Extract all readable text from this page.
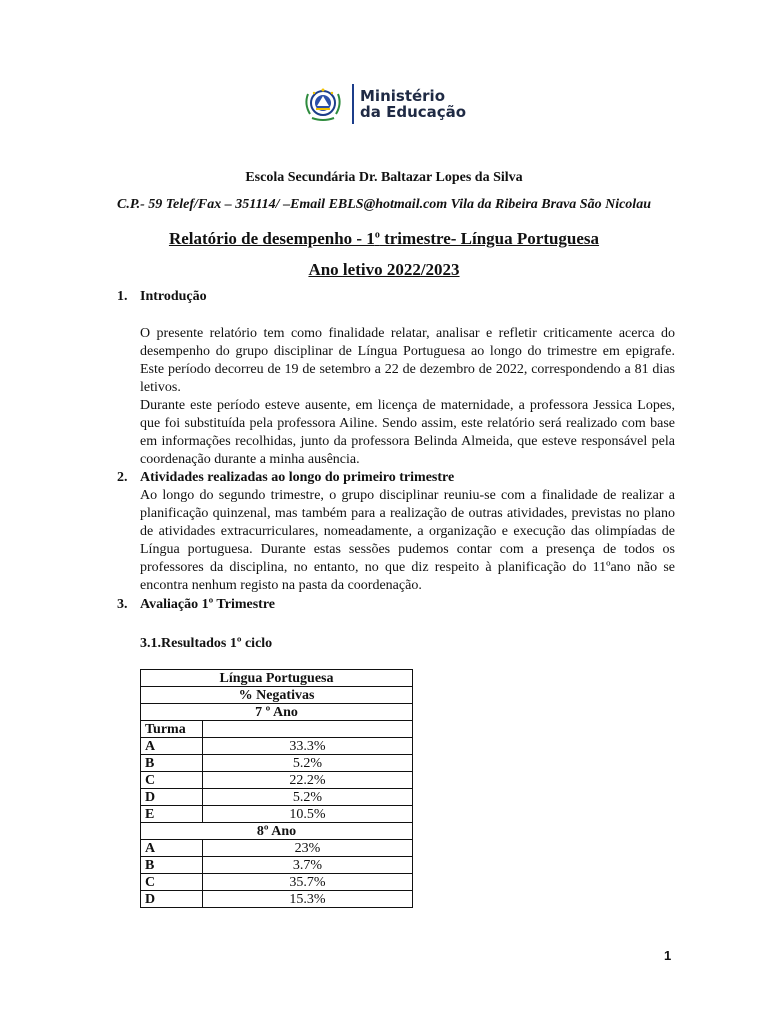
Ministério
da Educação
Escola Secundária Dr. Baltazar Lopes da Silva
C.P.- 59 Telef/Fax – 351114/ –Email EBLS@hotmail.com Vila da Ribeira Brava São Nicolau
Relatório de desempenho - 1$^o$ trimestre- Língua Portuguesa
Ano letivo 2022/2023
1. Introdução

O presente relatório tem como finalidade relatar, analisar e refletir criticamente acerca do desempenho do grupo disciplinar de Língua Portuguesa ao longo do trimestre em epigrafe. Este período decorreu de 19 de setembro a 22 de dezembro de 2022, correspondendo a 81 dias letivos.

Durante este período esteve ausente, em licença de maternidade, a professora Jessica Lopes, que foi substituída pela professora Ailine. Sendo assim, este relatório será realizado com base em informações recolhidas, junto da professora Belinda Almeida, que esteve responsável pela coordenação durante a minha ausência.

2. Atividades realizadas ao longo do primeiro trimestre

Ao longo do segundo trimestre, o grupo disciplinar reuniu-se com a finalidade de realizar a planificação quinzenal, mas também para a realização de outras atividades, previstas no plano de atividades extracurriculares, nomeadamente, a organização e execução das olimpíadas de Língua portuguesa. Durante estas sessões pudemos contar com a presença de todos os professores da disciplina, no entanto, no que diz respeito à planificação do 11ºano não se encontra nenhum registo na pasta da coordenação.

3. Avaliação 1º Trimestre
3.1.Resultados 1º ciclo
Língua Portuguesa	
% Negativas	
7 º Ano	
Turma	
A	33.3%
B	5.2%
C	22.2%
D	5.2%
E	10.5%
8º Ano	
A	23%
B	3.7%
C	35.7%
D	15.3%
1
